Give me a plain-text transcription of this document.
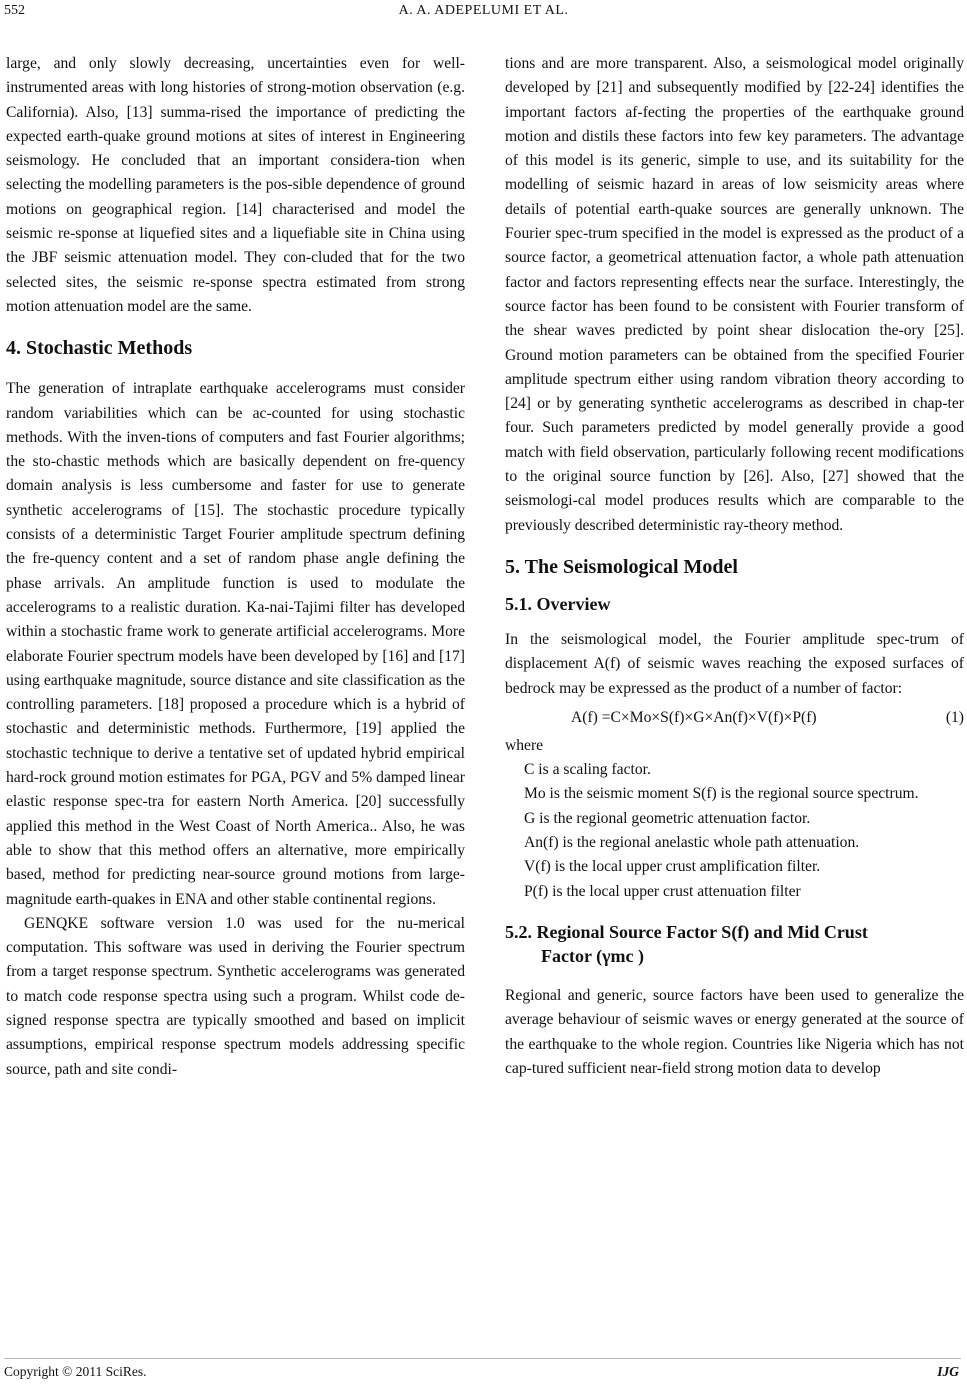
552	A. A. ADEPELUMI ET AL.

large, and only slowly decreasing, uncertainties even for well-instrumented areas with long histories of strong-motion observation (e.g. California). Also, [13] summa-rised the importance of predicting the expected earth-quake ground motions at sites of interest in Engineering seismology. He concluded that an important considera-tion when selecting the modelling parameters is the pos-sible dependence of ground motions on geographical region. [14] characterised and model the seismic re-sponse at liquefied sites and a liquefiable site in China using the JBF seismic attenuation model. They con-cluded that for the two selected sites, the seismic re-sponse spectra estimated from strong motion attenuation model are the same.

4. Stochastic Methods

The generation of intraplate earthquake accelerograms must consider random variabilities which can be ac-counted for using stochastic methods. With the inven-tions of computers and fast Fourier algorithms; the sto-chastic methods which are basically dependent on fre-quency domain analysis is less cumbersome and faster for use to generate synthetic accelerograms of [15]. The stochastic procedure typically consists of a deterministic Target Fourier amplitude spectrum defining the fre-quency content and a set of random phase angle defining the phase arrivals. An amplitude function is used to modulate the accelerograms to a realistic duration. Ka-nai-Tajimi filter has developed within a stochastic frame work to generate artificial accelerograms. More elaborate Fourier spectrum models have been developed by [16] and [17] using earthquake magnitude, source distance and site classification as the controlling parameters. [18] proposed a procedure which is a hybrid of stochastic and deterministic methods. Furthermore, [19] applied the stochastic technique to derive a tentative set of updated hybrid empirical hard-rock ground motion estimates for PGA, PGV and 5% damped linear elastic response spec-tra for eastern North America. [20] successfully applied this method in the West Coast of North America.. Also, he was able to show that this method offers an alternative, more empirically based, method for predicting near-source ground motions from large-magnitude earth-quakes in ENA and other stable continental regions.

GENQKE software version 1.0 was used for the nu-merical computation. This software was used in deriving the Fourier spectrum from a target response spectrum. Synthetic accelerograms was generated to match code response spectra using such a program. Whilst code de-signed response spectra are typically smoothed and based on implicit assumptions, empirical response spectrum models addressing specific source, path and site condi-

tions and are more transparent. Also, a seismological model originally developed by [21] and subsequently modified by [22-24] identifies the important factors af-fecting the properties of the earthquake ground motion and distils these factors into few key parameters. The advantage of this model is its generic, simple to use, and its suitability for the modelling of seismic hazard in areas of low seismicity areas where details of potential earth-quake sources are generally unknown. The Fourier spec-trum specified in the model is expressed as the product of a source factor, a geometrical attenuation factor, a whole path attenuation factor and factors representing effects near the surface. Interestingly, the source factor has been found to be consistent with Fourier transform of the shear waves predicted by point shear dislocation the-ory [25]. Ground motion parameters can be obtained from the specified Fourier amplitude spectrum either using random vibration theory according to [24] or by generating synthetic accelerograms as described in chap-ter four. Such parameters predicted by model generally provide a good match with field observation, particularly following recent modifications to the original source function by [26]. Also, [27] showed that the seismologi-cal model produces results which are comparable to the previously described deterministic ray-theory method.

5. The Seismological Model
5.1. Overview

In the seismological model, the Fourier amplitude spec-trum of displacement A(f) of seismic waves reaching the exposed surfaces of bedrock may be expressed as the product of a number of factor:

A(f) =C×Mo×S(f)×G×An(f)×V(f)×P(f)	(1)

where

C is a scaling factor.

Mo is the seismic moment S(f) is the regional source spectrum.

G is the regional geometric attenuation factor.

An(f) is the regional anelastic whole path attenuation.

V(f) is the local upper crust amplification filter.

P(f) is the local upper crust attenuation filter

5.2. Regional Source Factor S(f) and Mid Crust
Factor (γmc )

Regional and generic, source factors have been used to generalize the average behaviour of seismic waves or energy generated at the source of the earthquake to the whole region. Countries like Nigeria which has not cap-tured sufficient near-field strong motion data to develop

Copyright © 2011 SciRes.	IJG
